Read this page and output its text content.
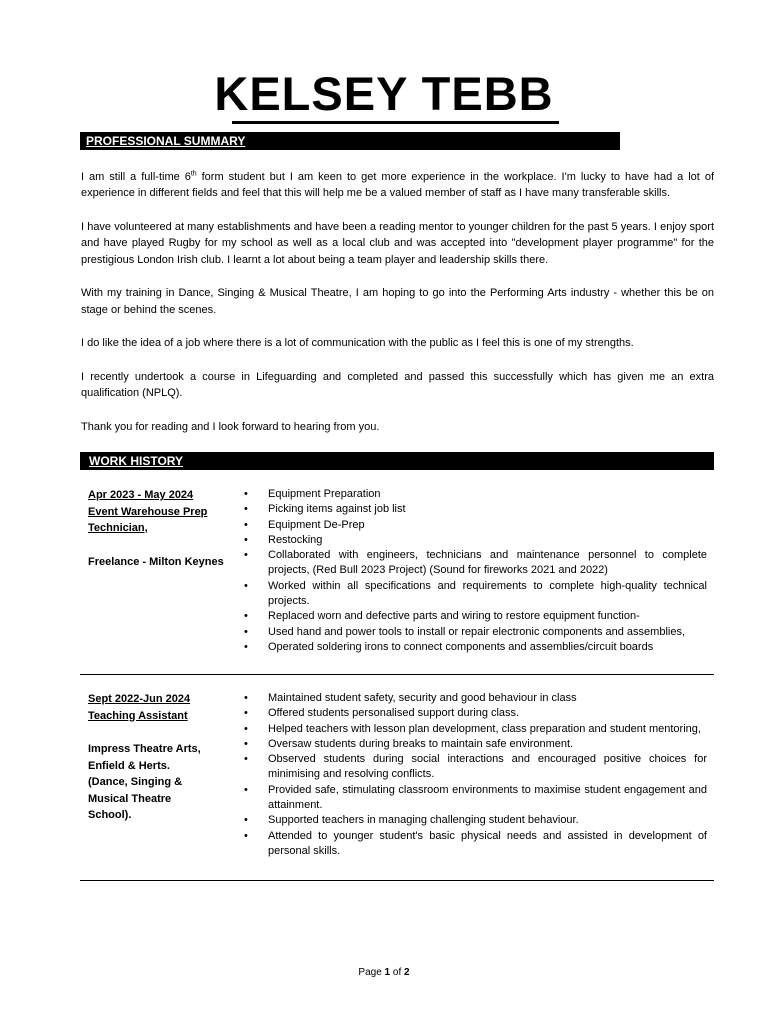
KELSEY TEBB
PROFESSIONAL SUMMARY

I am still a full-time 6th form student but I am keen to get more experience in the workplace. I'm lucky to have had a lot of experience in different fields and feel that this will help me be a valued member of staff as I have many transferable skills.

I have volunteered at many establishments and have been a reading mentor to younger children for the past 5 years. I enjoy sport and have played Rugby for my school as well as a local club and was accepted into "development player programme" for the prestigious London Irish club. I learnt a lot about being a team player and leadership skills there.

With my training in Dance, Singing & Musical Theatre, I am hoping to go into the Performing Arts industry - whether this be on stage or behind the scenes.

I do like the idea of a job where there is a lot of communication with the public as I feel this is one of my strengths.

I recently undertook a course in Lifeguarding and completed and passed this successfully which has given me an extra qualification (NPLQ).

Thank you for reading and I look forward to hearing from you.

WORK HISTORY
Apr 2023 - May 2024
Event Warehouse Prep Technician,
Freelance - Milton Keynes
• Equipment Preparation
• Picking items against job list
• Equipment De-Prep
• Restocking
• Collaborated with engineers, technicians and maintenance personnel to complete projects, (Red Bull 2023 Project) (Sound for fireworks 2021 and 2022)
• Worked within all specifications and requirements to complete high-quality technical projects.
• Replaced worn and defective parts and wiring to restore equipment function-
• Used hand and power tools to install or repair electronic components and assemblies,
• Operated soldering irons to connect components and assemblies/circuit boards
Sept 2022-Jun 2024
Teaching Assistant
Impress Theatre Arts,
Enfield & Herts.
(Dance, Singing &
Musical Theatre
School).
• Maintained student safety, security and good behaviour in class
• Offered students personalised support during class.
• Helped teachers with lesson plan development, class preparation and student mentoring,
• Oversaw students during breaks to maintain safe environment.
• Observed students during social interactions and encouraged positive choices for minimising and resolving conflicts.
• Provided safe, stimulating classroom environments to maximise student engagement and attainment.
• Supported teachers in managing challenging student behaviour.
• Attended to younger student's basic physical needs and assisted in development of personal skills.
Page 1 of 2
